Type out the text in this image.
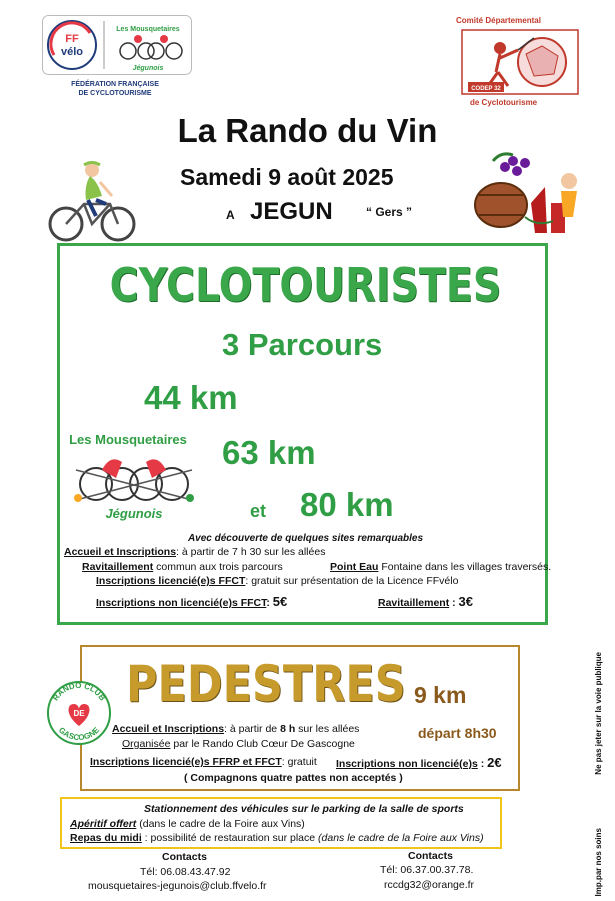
FF
vélo
Les Mousquetaires
Jégunois
FÉDÉRATION FRANÇAISE
DE CYCLOTOURISME
Comité Départemental
CODEP 32
de Cyclotourisme
La Rando du Vin
Samedi 9 août 2025
A JEGUN	“ Gers ”
CYCLOTOURISTES
3 Parcours
44 km
63 km
et 80 km
Les Mousquetaires
Jégunois
Avec découverte de quelques sites remarquables
Accueil et Inscriptions: à partir de 7 h 30 sur les allées
Ravitaillement commun aux trois parcours	Point Eau Fontaine dans les villages traversés.
Inscriptions licencié(e)s FFCT: gratuit sur présentation de la Licence FFvélo
Inscriptions non licencié(e)s FFCT: 5€	Ravitaillement : 3€
PEDESTRES 9 km
départ 8h30
RANDO CLUB
GASCOGNE
DE
Accueil et Inscriptions: à partir de 8 h sur les allées
Organisée par le Rando Club Cœur De Gascogne
Inscriptions licencié(e)s FFRP et FFCT: gratuit Inscriptions non licencié(e)s : 2€
( Compagnons quatre pattes non acceptés )
Stationnement des véhicules sur le parking de la salle de sports
Apéritif offert (dans le cadre de la Foire aux Vins)
Repas du midi : possibilité de restauration sur place (dans le cadre de la Foire aux Vins)
Contacts
Tél: 06.08.43.47.92
mousquetaires-jegunois@club.ffvelo.fr
Contacts
Tél: 06.37.00.37.78.
rccdg32@orange.fr
Ne pas jeter sur la voie publique
Imp.par nos soins
